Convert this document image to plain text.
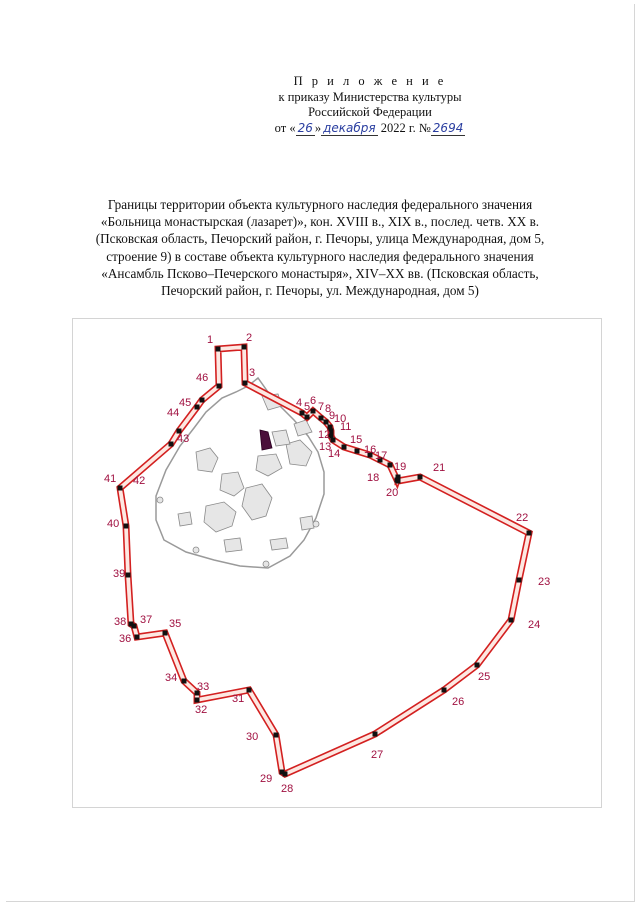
П р и л о ж е н и е
к приказу Министерства культуры
Российской Федерации
от « 26 » декабря 2022 г. № 2694
Границы территории объекта культурного наследия федерального значения
«Больница монастырская (лазарет)», кон. XVIII в., XIX в., послед. четв. XX в.
(Псковская область, Печорский район, г. Печоры, улица Международная, дом 5,
строение 9) в составе объекта культурного наследия федерального значения
«Ансамбль Псково–Печерского монастыря», XIV–XX вв. (Псковская область,
Печорский район, г. Печоры, ул. Международная, дом 5)
1	2
3
4 5 6 7 8
9
10
11
12
13
14
15
16
17
18
19
20
21
22
23
24
25
26
27
28
29
30
31
32
33
34
35
36
37
38
39
40
41 42
43
44
45
46
